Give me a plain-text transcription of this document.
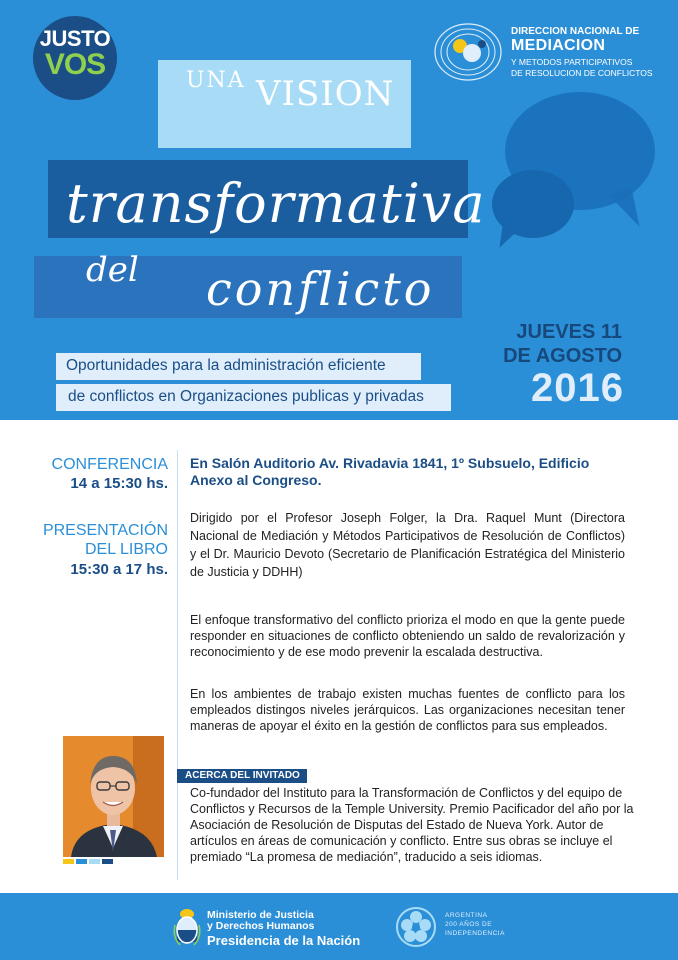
JUSTO
VOS
DIRECCION NACIONAL DE
MEDIACION
Y METODOS PARTICIPATIVOS
DE RESOLUCION DE CONFLICTOS
UNA VISION
transformativa
del conflicto
Oportunidades para la administración eficiente
de conflictos en Organizaciones publicas y privadas
JUEVES 11
DE AGOSTO
2016
CONFERENCIA
14 a 15:30 hs.
PRESENTACIÓN
DEL LIBRO
15:30 a 17 hs.
En Salón Auditorio Av. Rivadavia 1841, 1º Subsuelo, Edificio Anexo al Congreso.
Dirigido por el Profesor Joseph Folger, la Dra. Raquel Munt (Directora Nacional de Mediación y Métodos Participativos de Resolución de Conflictos) y el Dr. Mauricio Devoto (Secretario de Planificación Estratégica del Ministerio de Justicia y DDHH)
El enfoque transformativo del conflicto prioriza el modo en que la gente puede responder en situaciones de conflicto obteniendo un saldo de revalorización y reconocimiento y de ese modo prevenir la escalada destructiva.
En los ambientes de trabajo existen muchas fuentes de conflicto para los empleados distingos niveles jerárquicos. Las organizaciones necesitan tener maneras de apoyar el éxito en la gestión de conflictos para sus empleados.
ACERCA DEL INVITADO
Co-fundador del Instituto para la Transformación de Conflictos y del equipo de Conflictos y Recursos de la Temple University. Premio Pacificador del año por la Asociación de Resolución de Disputas del Estado de Nueva York. Autor de artículos en áreas de comunicación y conflicto. Entre sus obras se incluye el premiado “La promesa de mediación”, traducido a seis idiomas.
Ministerio de Justicia
y Derechos Humanos
Presidencia de la Nación
ARGENTINA
200 AÑOS DE
INDEPENDENCIA
